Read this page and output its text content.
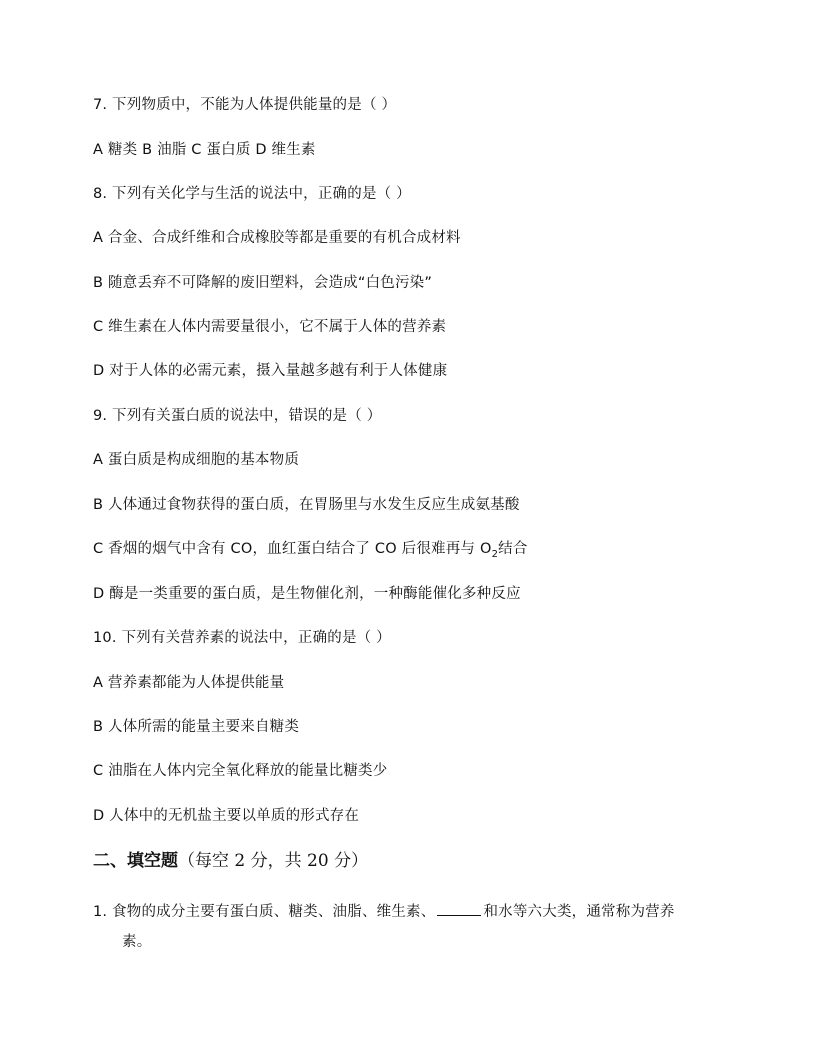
7. 下列物质中，不能为人体提供能量的是（ ）
A 糖类 B 油脂 C 蛋白质 D 维生素
8. 下列有关化学与生活的说法中，正确的是（ ）
A 合金、合成纤维和合成橡胶等都是重要的有机合成材料
B 随意丢弃不可降解的废旧塑料，会造成“白色污染”
C 维生素在人体内需要量很小，它不属于人体的营养素
D 对于人体的必需元素，摄入量越多越有利于人体健康
9. 下列有关蛋白质的说法中，错误的是（ ）
A 蛋白质是构成细胞的基本物质
B 人体通过食物获得的蛋白质，在胃肠里与水发生反应生成氨基酸
C 香烟的烟气中含有 CO，血红蛋白结合了 CO 后很难再与 $O_2$结合
D 酶是一类重要的蛋白质，是生物催化剂，一种酶能催化多种反应
10. 下列有关营养素的说法中，正确的是（ ）
A 营养素都能为人体提供能量
B 人体所需的能量主要来自糖类
C 油脂在人体内完全氧化释放的能量比糖类少
D 人体中的无机盐主要以单质的形式存在
二、填空题（每空 2 分，共 20 分）
1. 食物的成分主要有蛋白质、糖类、油脂、维生素、	和水等六大类，通常称为营养
素。
